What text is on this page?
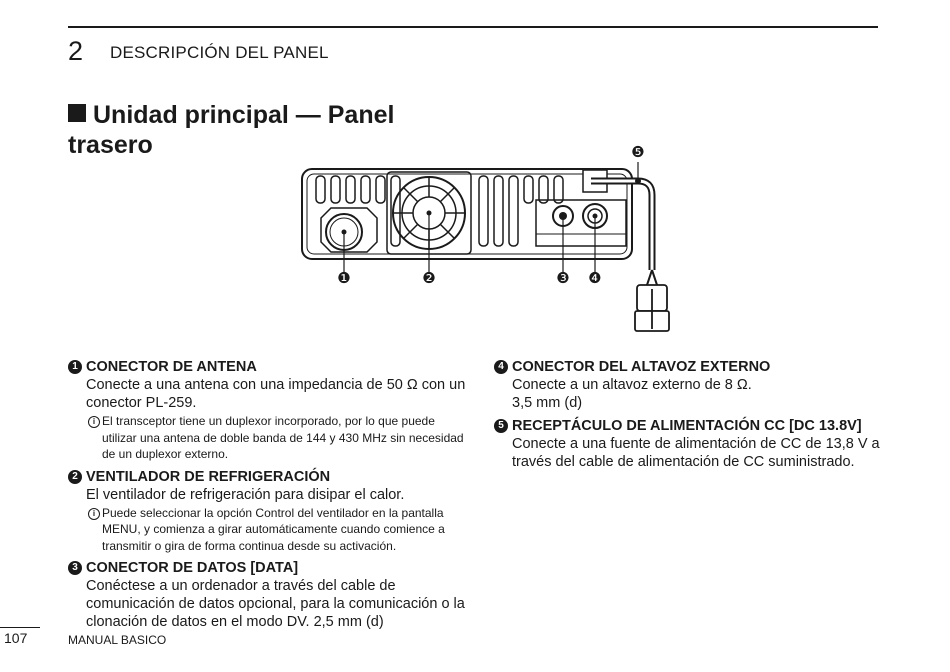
2 DESCRIPCIÓN DEL PANEL
Unidad principal — Panel trasero
❶	❷	❸ ❹
❺
1 CONECTOR DE ANTENA
Conecte a una antena con una impedancia de 50 Ω con un conector PL-259.
i El transceptor tiene un duplexor incorporado, por lo que puede utilizar una antena de doble banda de 144 y 430 MHz sin necesidad de un duplexor externo.
2 VENTILADOR DE REFRIGERACIÓN
El ventilador de refrigeración para disipar el calor.
i Puede seleccionar la opción Control del ventilador en la pantalla MENU, y comienza a girar automáticamente cuando comience a transmitir o gira de forma continua desde su activación.
3 CONECTOR DE DATOS [DATA]
Conéctese a un ordenador a través del cable de comunicación de datos opcional, para la comunicación o la clonación de datos en el modo DV. 2,5 mm (d)
4 CONECTOR DEL ALTAVOZ EXTERNO
Conecte a un altavoz externo de 8 Ω.
3,5 mm (d)
5 RECEPTÁCULO DE ALIMENTACIÓN CC [DC 13.8V]
Conecte a una fuente de alimentación de CC de 13,8 V a través del cable de alimentación de CC suministrado.
107	MANUAL BASICO
